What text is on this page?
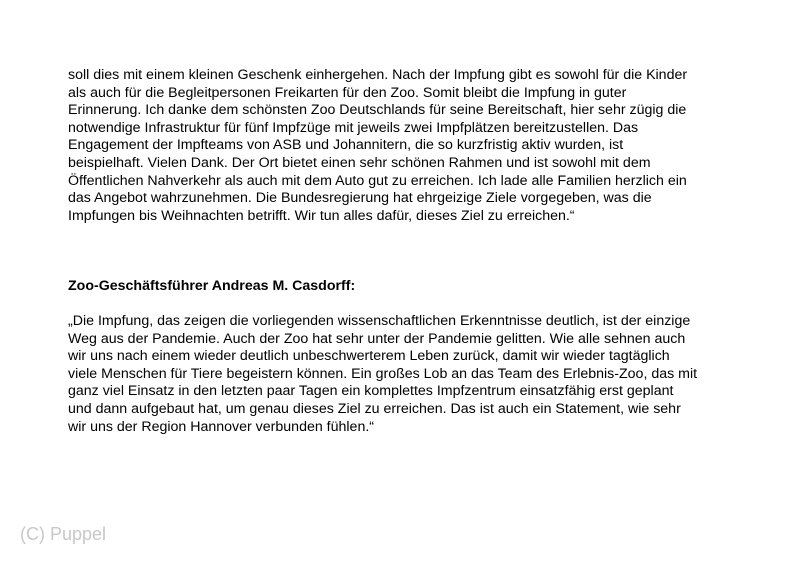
soll dies mit einem kleinen Geschenk einhergehen. Nach der Impfung gibt es sowohl für die Kinder
als auch für die Begleitpersonen Freikarten für den Zoo. Somit bleibt die Impfung in guter
Erinnerung. Ich danke dem schönsten Zoo Deutschlands für seine Bereitschaft, hier sehr zügig die
notwendige Infrastruktur für fünf Impfzüge mit jeweils zwei Impfplätzen bereitzustellen. Das
Engagement der Impfteams von ASB und Johannitern, die so kurzfristig aktiv wurden, ist
beispielhaft. Vielen Dank. Der Ort bietet einen sehr schönen Rahmen und ist sowohl mit dem
Öffentlichen Nahverkehr als auch mit dem Auto gut zu erreichen. Ich lade alle Familien herzlich ein
das Angebot wahrzunehmen. Die Bundesregierung hat ehrgeizige Ziele vorgegeben, was die
Impfungen bis Weihnachten betrifft. Wir tun alles dafür, dieses Ziel zu erreichen.“
Zoo-Geschäftsführer Andreas M. Casdorff:
„Die Impfung, das zeigen die vorliegenden wissenschaftlichen Erkenntnisse deutlich, ist der einzige
Weg aus der Pandemie. Auch der Zoo hat sehr unter der Pandemie gelitten. Wie alle sehnen auch
wir uns nach einem wieder deutlich unbeschwerterem Leben zurück, damit wir wieder tagtäglich
viele Menschen für Tiere begeistern können. Ein großes Lob an das Team des Erlebnis-Zoo, das mit
ganz viel Einsatz in den letzten paar Tagen ein komplettes Impfzentrum einsatzfähig erst geplant
und dann aufgebaut hat, um genau dieses Ziel zu erreichen. Das ist auch ein Statement, wie sehr
wir uns der Region Hannover verbunden fühlen.“
(C) Puppel
